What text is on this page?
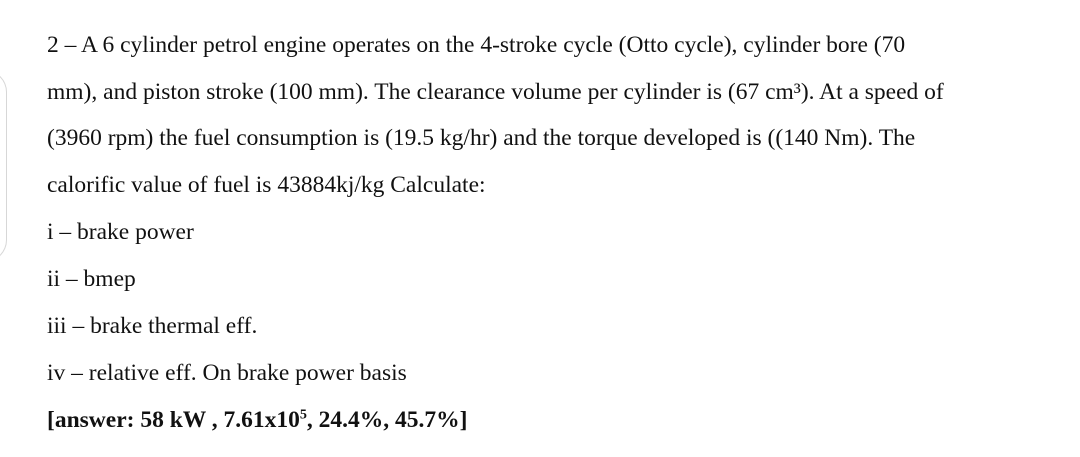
2 – A 6 cylinder petrol engine operates on the 4-stroke cycle (Otto cycle), cylinder bore (70
mm), and piston stroke (100 mm). The clearance volume per cylinder is (67 cm³). At a speed of
(3960 rpm) the fuel consumption is (19.5 kg/hr) and the torque developed is ((140 Nm). The
calorific value of fuel is 43884kj/kg Calculate:
i – brake power
ii – bmep
iii – brake thermal eff.
iv – relative eff. On brake power basis
[answer: 58 kW , $7.61x10^5$, 24.4%, 45.7%]
